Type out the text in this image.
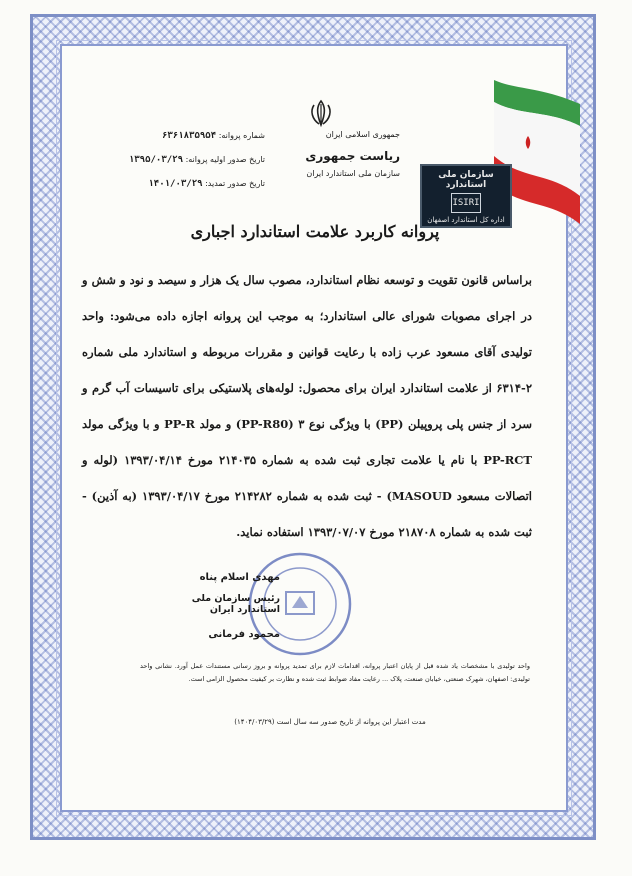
جمهوری اسلامی ایران
ریاست جمهوری
سازمان ملی استاندارد ایران
شماره پروانه: ۶۳۶۱۸۳۵۹۵۴
تاریخ صدور اولیه پروانه: ۱۳۹۵/۰۳/۲۹
تاریخ صدور تمدید: ۱۴۰۱/۰۳/۲۹
سازمان ملی استاندارد
ISIRI
اداره کل استاندارد اصفهان
پروانه کاربرد علامت استاندارد اجباری
براساس قانون تقویت و توسعه نظام استاندارد، مصوب سال یک هزار و سیصد و نود و شش و در اجرای مصوبات شورای عالی استاندارد؛ به موجب این پروانه اجازه داده می‌شود: واحد تولیدی آقای مسعود عرب زاده با رعایت قوانین و مقررات مربوطه و استاندارد ملی شماره ۲-۶۳۱۴ از علامت استاندارد ایران برای محصول: لوله‌های پلاستیکی برای تاسیسات آب گرم و سرد از جنس پلی پروپیلن (PP) با ویژگی نوع ۳ (PP-R80) و مولد PP-R و با ویژگی مولد PP-RCT با نام یا علامت تجاری ثبت شده به شماره ۲۱۴۰۳۵ مورخ ۱۳۹۳/۰۴/۱۴ (لوله و اتصالات مسعود MASOUD) - ثبت شده به شماره ۲۱۴۲۸۲ مورخ ۱۳۹۳/۰۴/۱۷ (به آذین) - ثبت شده به شماره ۲۱۸۷۰۸ مورخ ۱۳۹۳/۰۷/۰۷ استفاده نماید.
مهدی اسلام پناه
رئیس سازمان ملی استاندارد ایران
محمود فرمانی
واحد تولیدی با مشخصات یاد شده قبل از پایان اعتبار پروانه، اقدامات لازم برای تمدید پروانه و بروز رسانی مستندات عمل آورد. نشانی واحد تولیدی: اصفهان، شهرک صنعتی، خیابان صنعت، پلاک ... رعایت مفاد ضوابط ثبت شده و نظارت بر کیفیت محصول الزامی است.
مدت اعتبار این پروانه از تاریخ صدور سه سال است (۱۴۰۴/۰۳/۲۹)
